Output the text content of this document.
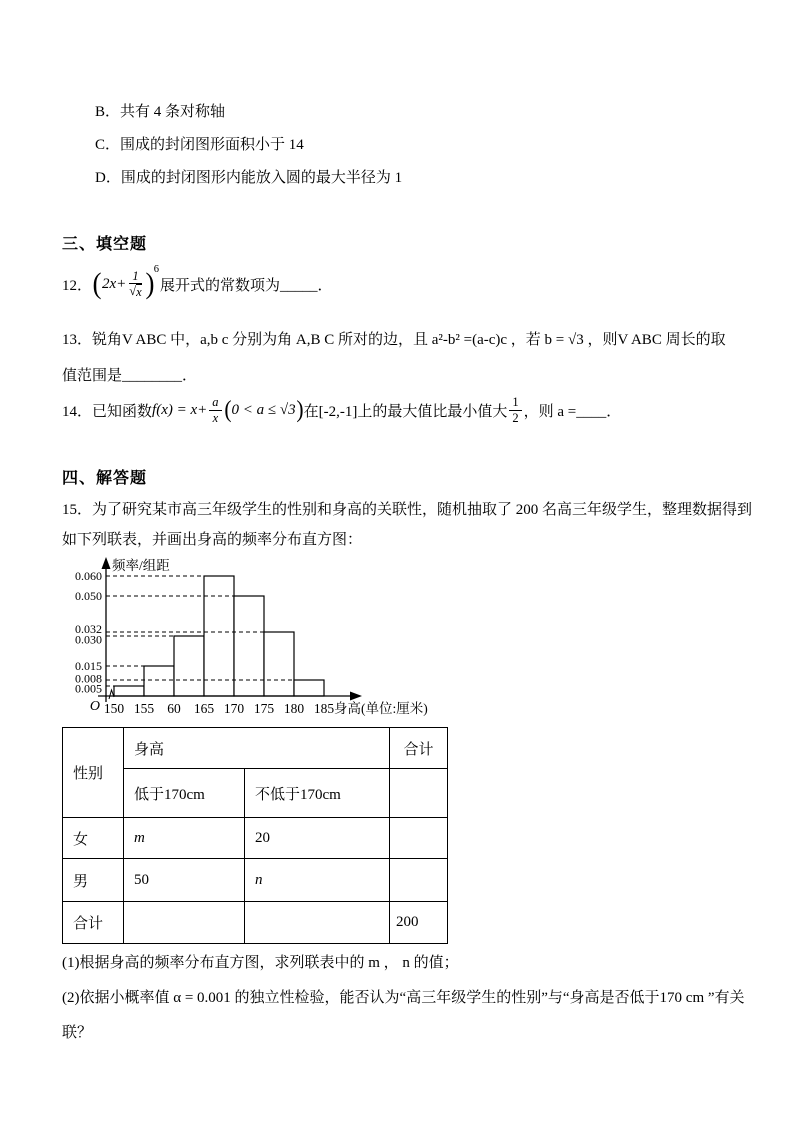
B．共有 4 条对称轴
C．围成的封闭图形面积小于 14
D．围成的封闭图形内能放入圆的最大半径为 1
三、填空题
12． ( $2x+ \frac{1}{√ x}$ ) 6
展开式的常数项为 _____．
13．锐角V ABC 中，a,b c 分别为角 A,B C 所对的边，且 a²-b² =(a-c)c ，若 b = √3 ，则V ABC 周长的取
值范围是________．
14． 已知函数 $f(x) = x+ \frac{a}{x}$ ( 0 < a ≤ √3 ) 在[-2,-1]上的最大值比最小值大 $\frac{1}{2}$ ，则 a = ____．
四、解答题
15．为了研究某市高三年级学生的性别和身高的关联性，随机抽取了 200 名高三年级学生，整理数据得到
如下列联表，并画出身高的频率分布直方图：
0.060
0.050
0.032
0.030
0.015
0.008
0.005
150 155 60 165 170 175 180 185 身高(单位:厘米)
频率/组距
O
性别	身高		合计
	低于170cm	不低于170cm	
女	m	20	
男	50	n	
合计			200
(1)根据身高的频率分布直方图，求列联表中的 m ， n 的值；
(2)依据小概率值 α = 0.001 的独立性检验，能否认为“高三年级学生的性别”与“身高是否低于170 cm ”有关
联？
